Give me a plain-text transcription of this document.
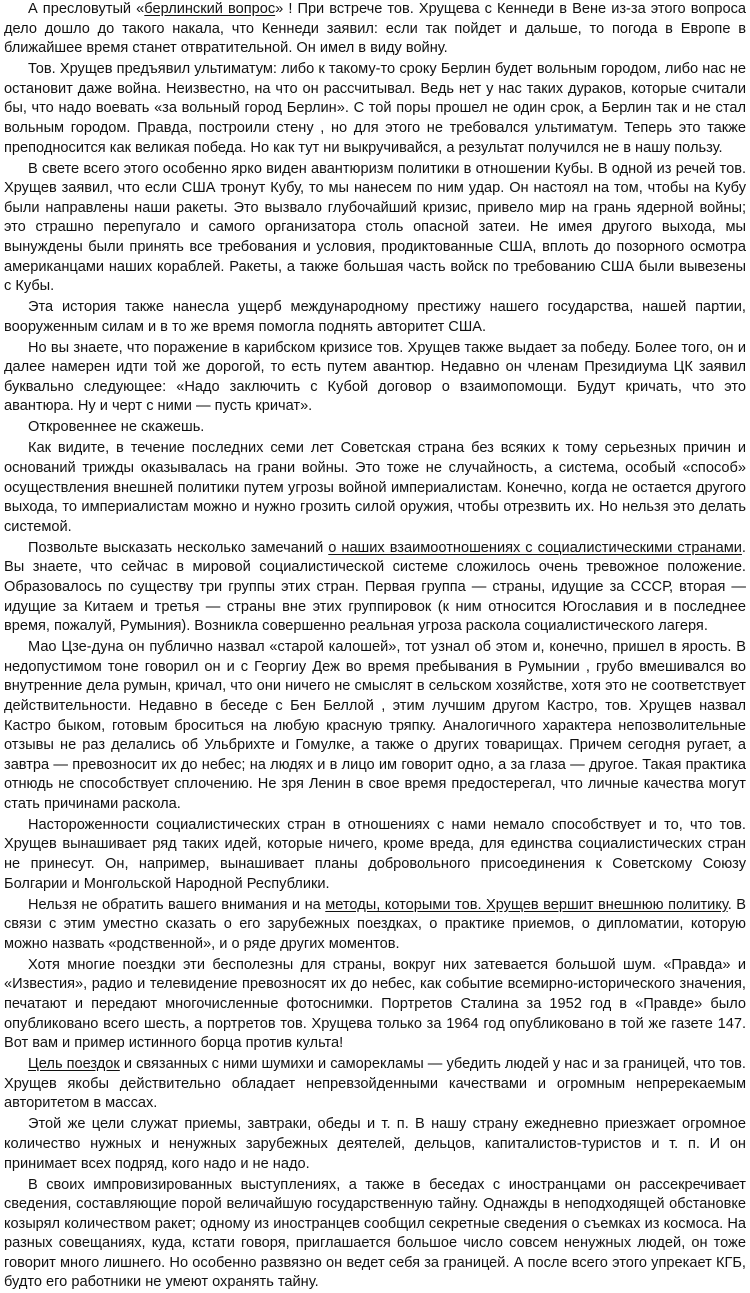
А пресловутый «берлинский вопрос» ! При встрече тов. Хрущева с Кеннеди в Вене из-за этого вопроса дело дошло до такого накала, что Кеннеди заявил: если так пойдет и дальше, то погода в Европе в ближайшее время станет отвратительной. Он имел в виду войну.

Тов. Хрущев предъявил ультиматум: либо к такому-то сроку Берлин будет вольным городом, либо нас не остановит даже война. Неизвестно, на что он рассчитывал. Ведь нет у нас таких дураков, которые считали бы, что надо воевать «за вольный город Берлин». С той поры прошел не один срок, а Берлин так и не стал вольным городом. Правда, построили стену , но для этого не требовался ультиматум. Теперь это также преподносится как великая победа. Но как тут ни выкручивайся, а результат получился не в нашу пользу.

В свете всего этого особенно ярко виден авантюризм политики в отношении Кубы. В одной из речей тов. Хрущев заявил, что если США тронут Кубу, то мы нанесем по ним удар. Он настоял на том, чтобы на Кубу были направлены наши ракеты. Это вызвало глубочайший кризис, привело мир на грань ядерной войны; это страшно перепугало и самого организатора столь опасной затеи. Не имея другого выхода, мы вынуждены были принять все требования и условия, продиктованные США, вплоть до позорного осмотра американцами наших кораблей. Ракеты, а также большая часть войск по требованию США были вывезены с Кубы.

Эта история также нанесла ущерб международному престижу нашего государства, нашей партии, вооруженным силам и в то же время помогла поднять авторитет США.

Но вы знаете, что поражение в карибском кризисе тов. Хрущев также выдает за победу. Более того, он и далее намерен идти той же дорогой, то есть путем авантюр. Недавно он членам Президиума ЦК заявил буквально следующее: «Надо заключить с Кубой договор о взаимопомощи. Будут кричать, что это авантюра. Ну и черт с ними — пусть кричат».

Откровеннее не скажешь.

Как видите, в течение последних семи лет Советская страна без всяких к тому серьезных причин и оснований трижды оказывалась на грани войны. Это тоже не случайность, а система, особый «способ» осуществления внешней политики путем угрозы войной империалистам. Конечно, когда не остается другого выхода, то империалистам можно и нужно грозить силой оружия, чтобы отрезвить их. Но нельзя это делать системой.

Позвольте высказать несколько замечаний о наших взаимоотношениях с социалистическими странами. Вы знаете, что сейчас в мировой социалистической системе сложилось очень тревожное положение. Образовалось по существу три группы этих стран. Первая группа — страны, идущие за СССР, вторая — идущие за Китаем и третья — страны вне этих группировок (к ним относится Югославия и в последнее время, пожалуй, Румыния). Возникла совершенно реальная угроза раскола социалистического лагеря.

Мао Цзе-дуна он публично назвал «старой калошей», тот узнал об этом и, конечно, пришел в ярость. В недопустимом тоне говорил он и с Георгиу Деж во время пребывания в Румынии , грубо вмешивался во внутренние дела румын, кричал, что они ничего не смыслят в сельском хозяйстве, хотя это не соответствует действительности. Недавно в беседе с Бен Беллой , этим лучшим другом Кастро, тов. Хрущев назвал Кастро быком, готовым броситься на любую красную тряпку. Аналогичного характера непозволительные отзывы не раз делались об Ульбрихте и Гомулке, а также о других товарищах. Причем сегодня ругает, а завтра — превозносит их до небес; на людях и в лицо им говорит одно, а за глаза — другое. Такая практика отнюдь не способствует сплочению. Не зря Ленин в свое время предостерегал, что личные качества могут стать причинами раскола.

Настороженности социалистических стран в отношениях с нами немало способствует и то, что тов. Хрущев вынашивает ряд таких идей, которые ничего, кроме вреда, для единства социалистических стран не принесут. Он, например, вынашивает планы добровольного присоединения к Советскому Союзу Болгарии и Монгольской Народной Республики.

Нельзя не обратить вашего внимания и на методы, которыми тов. Хрущев вершит внешнюю политику. В связи с этим уместно сказать о его зарубежных поездках, о практике приемов, о дипломатии, которую можно назвать «родственной», и о ряде других моментов.

Хотя многие поездки эти бесполезны для страны, вокруг них затевается большой шум. «Правда» и «Известия», радио и телевидение превозносят их до небес, как событие всемирно-исторического значения, печатают и передают многочисленные фотоснимки. Портретов Сталина за 1952 год в «Правде» было опубликовано всего шесть, а портретов тов. Хрущева только за 1964 год опубликовано в той же газете 147. Вот вам и пример истинного борца против культа!

Цель поездок и связанных с ними шумихи и саморекламы — убедить людей у нас и за границей, что тов. Хрущев якобы действительно обладает непревзойденными качествами и огромным непререкаемым авторитетом в массах.

Этой же цели служат приемы, завтраки, обеды и т. п. В нашу страну ежедневно приезжает огромное количество нужных и ненужных зарубежных деятелей, дельцов, капиталистов-туристов и т. п. И он принимает всех подряд, кого надо и не надо.

В своих импровизированных выступлениях, а также в беседах с иностранцами он рассекречивает сведения, составляющие порой величайшую государственную тайну. Однажды в неподходящей обстановке козырял количеством ракет; одному из иностранцев сообщил секретные сведения о съемках из космоса. На разных совещаниях, куда, кстати говоря, приглашается большое число совсем ненужных людей, он тоже говорит много лишнего. Но особенно развязно он ведет себя за границей. А после всего этого упрекает КГБ, будто его работники не умеют охранять тайну.
